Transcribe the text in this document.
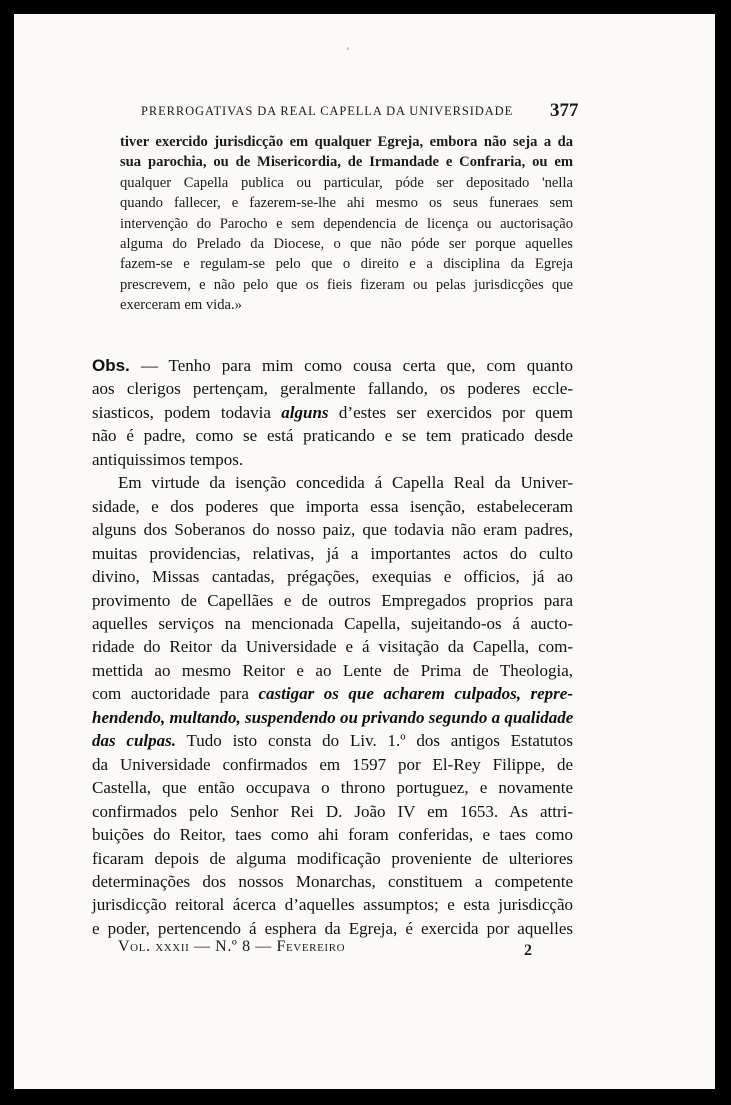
‘
PRERROGATIVAS DA REAL CAPELLA DA UNIVERSIDADE 377
tiver exercido jurisdicção em qualquer Egreja, embora não seja a da
sua parochia, ou de Misericordia, de Irmandade e Confraria, ou em
qualquer Capella publica ou particular, póde ser depositado 'nella
quando fallecer, e fazerem-se-lhe ahi mesmo os seus funeraes sem
intervenção do Parocho e sem dependencia de licença ou auctorisação
alguma do Prelado da Diocese, o que não póde ser porque aquelles
fazem-se e regulam-se pelo que o direito e a disciplina da Egreja
prescrevem, e não pelo que os fieis fizeram ou pelas jurisdicções que
exerceram em vida.»
Obs. — Tenho para mim como cousa certa que, com quanto
aos clerigos pertençam, geralmente fallando, os poderes eccle-
siasticos, podem todavia alguns d’estes ser exercidos por quem
não é padre, como se está praticando e se tem praticado desde
antiquissimos tempos.
Em virtude da isenção concedida á Capella Real da Univer-
sidade, e dos poderes que importa essa isenção, estabeleceram
alguns dos Soberanos do nosso paiz, que todavia não eram padres,
muitas providencias, relativas, já a importantes actos do culto
divino, Missas cantadas, prégações, exequias e officios, já ao
provimento de Capellães e de outros Empregados proprios para
aquelles serviços na mencionada Capella, sujeitando-os á aucto-
ridade do Reitor da Universidade e á visitação da Capella, com-
mettida ao mesmo Reitor e ao Lente de Prima de Theologia,
com auctoridade para castigar os que acharem culpados, repre-
hendendo, multando, suspendendo ou privando segundo a qualidade
das culpas. Tudo isto consta do Liv. 1.º dos antigos Estatutos
da Universidade confirmados em 1597 por El-Rey Filippe, de
Castella, que então occupava o throno portuguez, e novamente
confirmados pelo Senhor Rei D. João IV em 1653. As attri-
buições do Reitor, taes como ahi foram conferidas, e taes como
ficaram depois de alguma modificação proveniente de ulteriores
determinações dos nossos Monarchas, constituem a competente
jurisdicção reitoral ácerca d’aquelles assumptos; e esta jurisdicção
e poder, pertencendo á esphera da Egreja, é exercida por aquelles
Vol. xxxii — N.º 8 — Fevereiro	2
